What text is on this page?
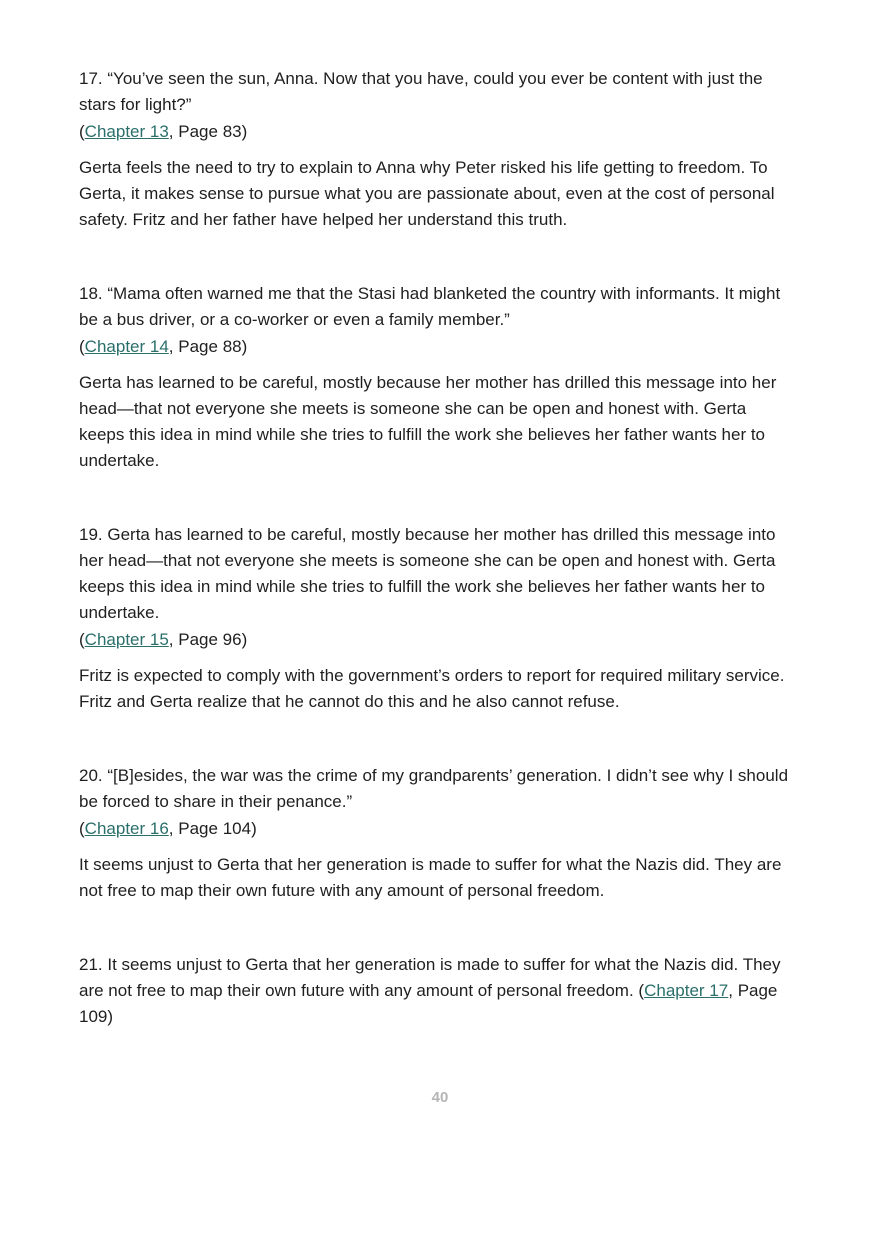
17. “You’ve seen the sun, Anna. Now that you have, could you ever be content with just the stars for light?”

(Chapter 13, Page 83)

Gerta feels the need to try to explain to Anna why Peter risked his life getting to freedom. To Gerta, it makes sense to pursue what you are passionate about, even at the cost of personal safety. Fritz and her father have helped her understand this truth.

18. “Mama often warned me that the Stasi had blanketed the country with informants. It might be a bus driver, or a co-worker or even a family member.”

(Chapter 14, Page 88)

Gerta has learned to be careful, mostly because her mother has drilled this message into her head—that not everyone she meets is someone she can be open and honest with. Gerta keeps this idea in mind while she tries to fulfill the work she believes her father wants her to undertake.

19. Gerta has learned to be careful, mostly because her mother has drilled this message into her head—that not everyone she meets is someone she can be open and honest with. Gerta keeps this idea in mind while she tries to fulfill the work she believes her father wants her to undertake.

(Chapter 15, Page 96)

Fritz is expected to comply with the government’s orders to report for required military service. Fritz and Gerta realize that he cannot do this and he also cannot refuse.

20. “[B]esides, the war was the crime of my grandparents’ generation. I didn’t see why I should be forced to share in their penance.”

(Chapter 16, Page 104)

It seems unjust to Gerta that her generation is made to suffer for what the Nazis did. They are not free to map their own future with any amount of personal freedom.

21. It seems unjust to Gerta that her generation is made to suffer for what the Nazis did. They are not free to map their own future with any amount of personal freedom. (Chapter 17, Page 109)

40
